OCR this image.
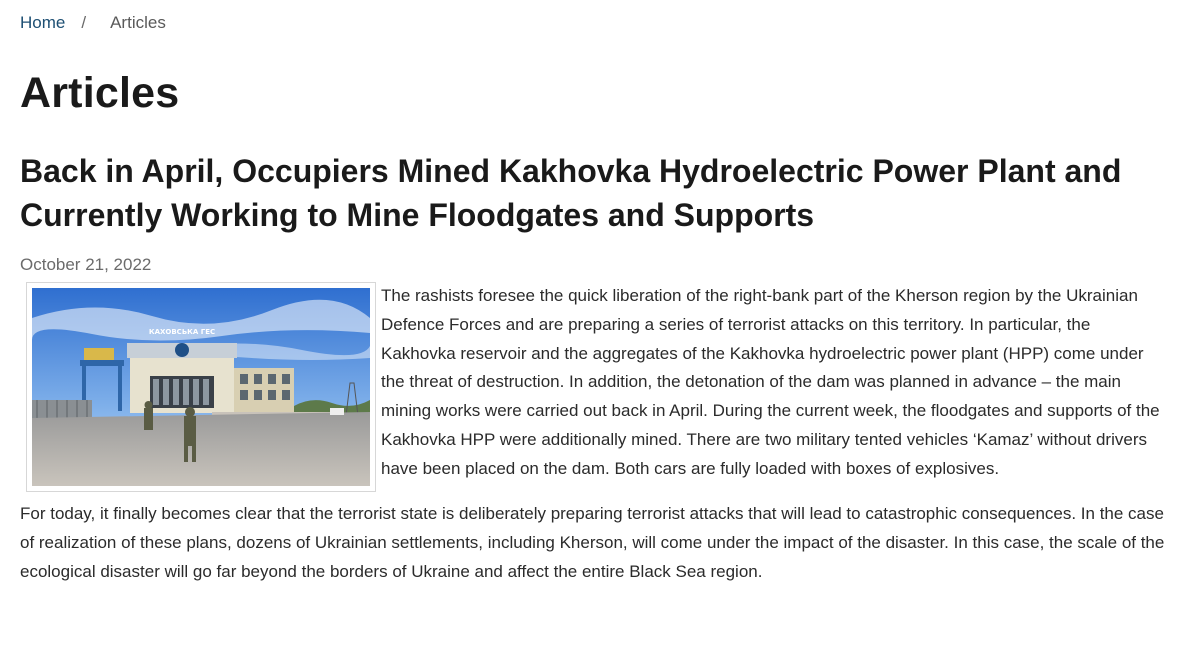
Home / Articles
Articles
Back in April, Occupiers Mined Kakhovka Hydroelectric Power Plant and Currently Working to Mine Floodgates and Supports
October 21, 2022
КАХОВСЬКА ГЕС

The rashists foresee the quick liberation of the right-bank part of the Kherson region by the Ukrainian Defence Forces and are preparing a series of terrorist attacks on this territory. In particular, the Kakhovka reservoir and the aggregates of the Kakhovka hydroelectric power plant (HPP) come under the threat of destruction. In addition, the detonation of the dam was planned in advance – the main mining works were carried out back in April. During the current week, the floodgates and supports of the Kakhovka HPP were additionally mined. There are two military tented vehicles ‘Kamaz’ without drivers have been placed on the dam. Both cars are fully loaded with boxes of explosives.

For today, it finally becomes clear that the terrorist state is deliberately preparing terrorist attacks that will lead to catastrophic consequences. In the case of realization of these plans, dozens of Ukrainian settlements, including Kherson, will come under the impact of the disaster. In this case, the scale of the ecological disaster will go far beyond the borders of Ukraine and affect the entire Black Sea region.
